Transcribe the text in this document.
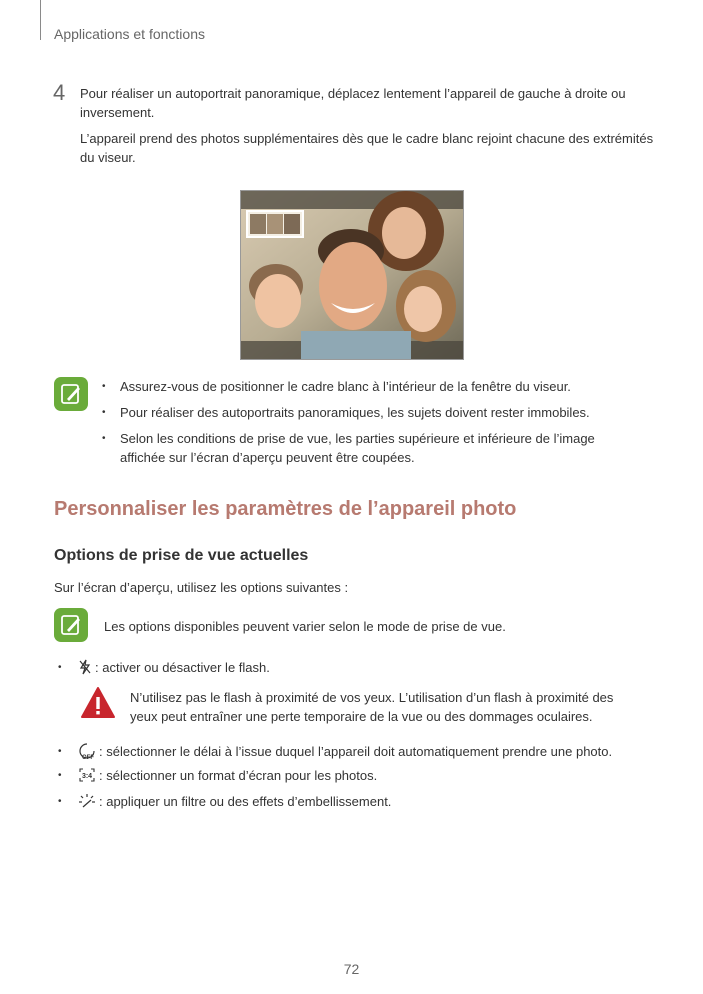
Applications et fonctions
4 Pour réaliser un autoportrait panoramique, déplacez lentement l’appareil de gauche à droite ou inversement.

L’appareil prend des photos supplémentaires dès que le cadre blanc rejoint chacune des extrémités du viseur.

• Assurez-vous de positionner le cadre blanc à l’intérieur de la fenêtre du viseur.
• Pour réaliser des autoportraits panoramiques, les sujets doivent rester immobiles.
• Selon les conditions de prise de vue, les parties supérieure et inférieure de l’image affichée sur l’écran d’aperçu peuvent être coupées.
Personnaliser les paramètres de l’appareil photo
Options de prise de vue actuelles
Sur l’écran d’aperçu, utilisez les options suivantes :
Les options disponibles peuvent varier selon le mode de prise de vue.
•	: activer ou désactiver le flash.
N’utilisez pas le flash à proximité de vos yeux. L’utilisation d’un flash à proximité des yeux peut entraîner une perte temporaire de la vue ou des dommages oculaires.
•
OFF : sélectionner le délai à l’issue duquel l’appareil doit automatiquement prendre une photo.
•	3:4 : sélectionner un format d’écran pour les photos.
•	: appliquer un filtre ou des effets d’embellissement.
72
